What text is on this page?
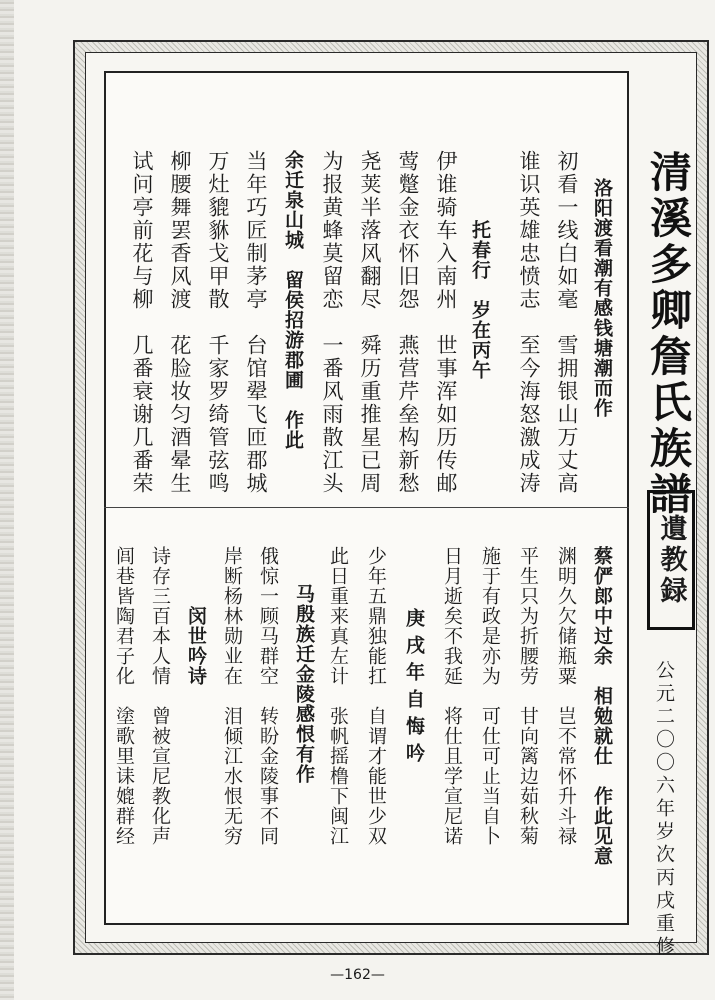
清溪多卿詹氏族譜
遺教録
公元二〇〇六年岁次丙戌重修
洛阳渡看潮有感钱塘潮而作
初看一线白如毫　雪拥银山万丈高
谁识英雄忠愤志　至今海怒激成涛
托春行　岁在丙午
伊谁骑车入南州　世事浑如历传邮
莺蹩金衣怀旧怨　燕营芹垒构新愁
尧荚半落风翻尽　舜历重推星已周
为报黄蜂莫留恋　一番风雨散江头
余迁泉山城　留侯招游郡圃　作此
当年巧匠制茅亭　台馆翚飞匝郡城
万灶貔貅戈甲散　千家罗绮管弦鸣
柳腰舞罢香风渡　花脸妆匀酒晕生
试问亭前花与柳　几番衰谢几番荣
蔡俨郎中过余　相勉就仕　作此见意
渊明久欠储瓶粟　岂不常怀升斗禄
平生只为折腰劳　甘向篱边茹秋菊
施于有政是亦为　可仕可止当自卜
日月逝矣不我延　将仕且学宣尼诺
庚戌年自悔吟
少年五鼎独能扛　自谓才能世少双
此日重来真左计　张帆摇橹下闽江
马殷族迁金陵感恨有作
俄惊一顾马群空　转盼金陵事不同
岸断杨林勋业在　泪倾江水恨无穷
闵世吟诗
诗存三百本人情　曾被宣尼教化声
闾巷皆陶君子化　塗歌里诔媲群经
—162—
